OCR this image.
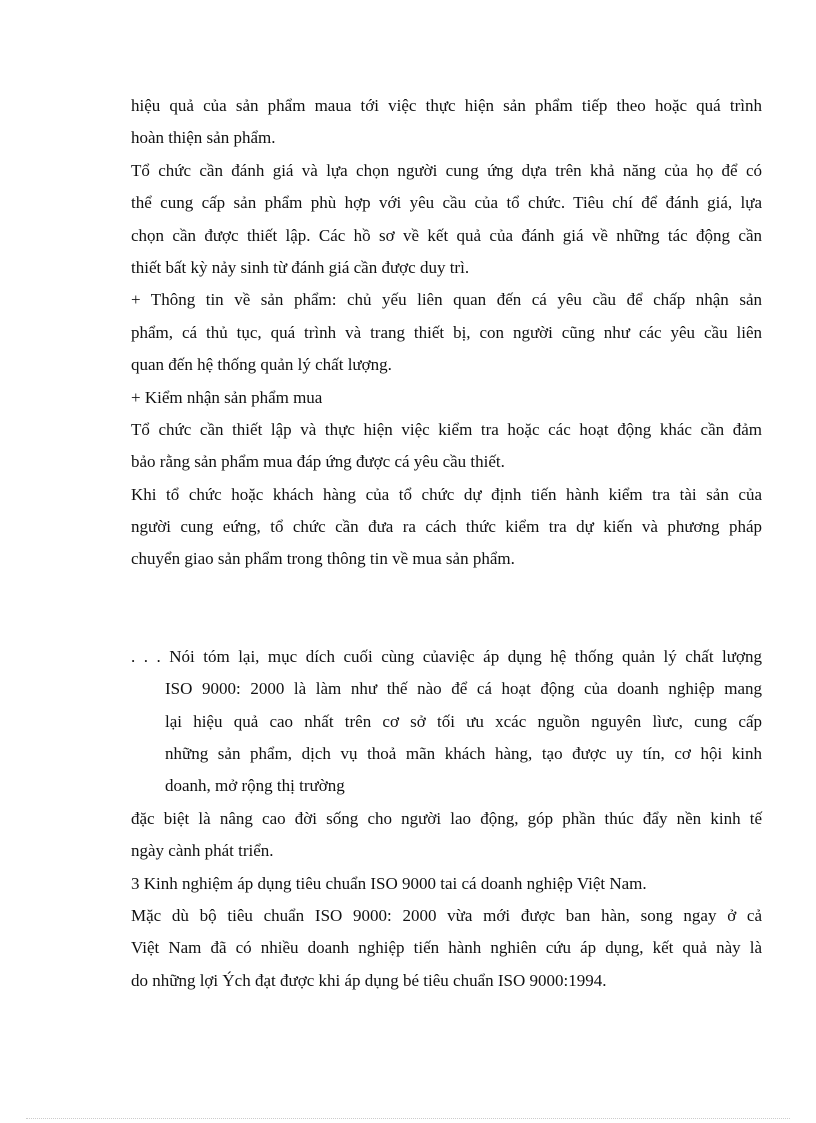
hiệu quả của sản phẩm maua tới việc thực hiện sản phẩm tiếp theo hoặc quá trình
hoàn thiện sản phẩm.
Tổ chức cần đánh giá và lựa chọn người cung ứng dựa trên khả năng của họ để có
thể cung cấp sản phẩm phù hợp với yêu cầu của tổ chức. Tiêu chí để đánh giá, lựa
chọn cần được thiết lập. Các hồ sơ về kết quả của đánh giá về những tác động cần
thiết bất kỳ nảy sinh từ đánh giá cần được duy trì.
+ Thông tin về sản phẩm: chủ yếu liên quan đến cá yêu cầu để chấp nhận sản
phẩm, cá thủ tục, quá trình và trang thiết bị, con người cũng như các yêu cầu liên
quan đến hệ thống quản lý chất lượng.
+ Kiểm nhận sản phẩm mua
Tổ chức cần thiết lập và thực hiện việc kiểm tra hoặc các hoạt động khác cần đảm
bảo rằng sản phẩm mua đáp ứng được cá yêu cầu thiết.
Khi tổ chức hoặc khách hàng của tổ chức dự định tiến hành kiểm tra tài sản của
người cung eứng, tổ chức cần đưa ra cách thức kiểm tra dự kiến và phương pháp
chuyển giao sản phẩm trong thông tin về mua sản phẩm.
. . . Nói tóm lại, mục dích cuối cùng củaviệc áp dụng hệ thống quản lý chất lượng
ISO 9000: 2000 là làm như thế nào để cá hoạt động của doanh nghiệp mang
lại hiệu quả cao nhất trên cơ sở tối ưu xcác nguồn nguyên lìưc, cung cấp
những sản phẩm, dịch vụ thoả mãn khách hàng, tạo được uy tín, cơ hội kinh
doanh, mở rộng thị trường
đặc biệt là nâng cao đời sống cho người lao động, góp phần thúc đẩy nền kinh tế
ngày cành phát triển.
3 Kinh nghiệm áp dụng tiêu chuẩn ISO 9000 tai cá doanh nghiệp Việt Nam.
Mặc dù bộ tiêu chuẩn ISO 9000: 2000 vừa mới được ban hàn, song ngay ở cả
Việt Nam đã có nhiều doanh nghiệp tiến hành nghiên cứu áp dụng, kết quả này là
do những lợi Ých đạt được khi áp dụng bé tiêu chuẩn ISO 9000:1994.
